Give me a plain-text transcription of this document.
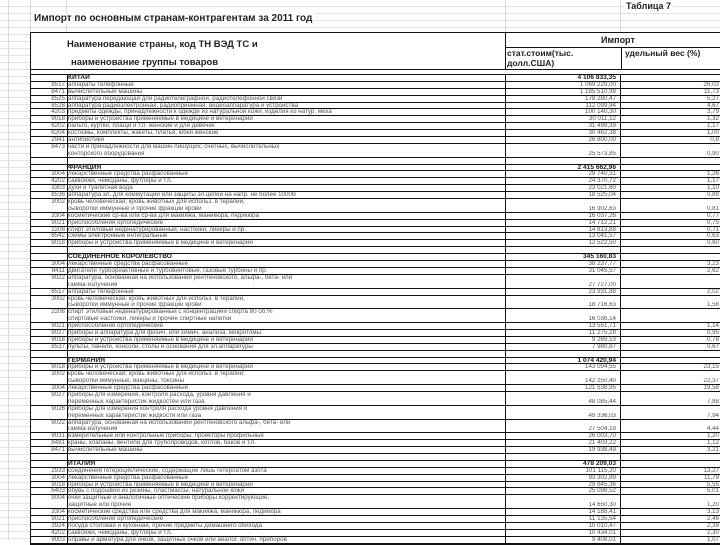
Таблица 7
Импорт по основным странам-контрагентам за 2011 год
Наименование страны, код ТН ВЭД ТС и
наименование группы товаров
Импорт
стат.стоим(тыс. долл.США)
удельный вес (%)
КИТАЙ	4 106 833,35
8517 аппараты телефонные	1 069 229,00	26,03
8471 вычислительные машины	1 185 510,98	11,73
8525 аппаратура передающая для радиотелеграфной, радиотелефонной связи	178 280,47	5,27
8528 аппаратура радиоэлектронная, радиоприемная, видеоаппаратура и устройства	112 099,94	4,67
4203 предметы одежды, принадлежности к одежде из натуральной кожи, изделия из натур. меха	100 140,30	3,79
9018 приборы и устройства применяемые в медицине и ветеринарии	30 011,12	1,32
6202 пальто, куртки, плащи и т.п. женские и для девочек	31 499,39	1,17
6204 костюмы, комплекты, жакеты, платья, юбки женские	30 462,38	1,00
2941 антибиотики	26 800,00	0,8
8473 части и принадлежности для машин пишущих, счетных, вычислительных
конторского оборудования	25 573,85	0,90
ФРАНЦИЯ	2 415 662,96
3004 лекарственные средства расфасованные	29 740,31	1,26
4202 саквояжи, чемоданы, футляры и т.п.	24 370,72	1,17
3303 духи и туалетная вода	23 021,60	1,10
8536 аппаратура эл. для коммутации или защиты эл.цепей на напр. не более 1000В	18 525,04	0,89
3002 кровь человеческая; кровь животных для использ. в терапии,
сыворотки иммунные и прочие фракции крови	16 902,63	0,81
3304 косметические ср-ва или ср-ва для макияжа, маникюра, педикюра	16 037,26	0,77
9021 приспособления ортопедические	14 712,21	0,75
2208 спирт этиловый неденатурированный, настойки, ликеры и пр.	14 813,88	0,71
8542 схемы электронные интегральные	13 041,57	0,63
9018 приборы и устройства применяемые в медицине и ветеринарии	12 522,50	0,60
СОЕДИНЕННОЕ КОРОЛЕВСТВО	345 160,83
3004 лекарственные средства расфасованные	38 237,77	3,23
8411 двигатели турбореактивные и турбовинтовые, газовые турбины и пр.	31 045,57	2,62
9022 аппаратура, основанная на использовании рентгеновского, альфа-, бета- или
гамма-излучения	27 727,00
8517 аппараты телефонные	23 931,88	2,02
3002 кровь человеческая; кровь животных для использ. в терапии,
сыворотки иммунные и прочие фракции крови	18 716,63	1,58
2208 спирт этиловый неденатурированный с концентрацией спирта 80 об.%
спиртовые настойки, ликеры и прочие спиртные напитки	16 036,14
9021 приспособления ортопедические	13 551,71	1,14
9027 приборы и аппаратура для физич. или химич. анализа, микротомы	11 275,28	0,95
9018 приборы и устройства применяемые в медицине и ветеринарии	9 269,53	0,78
8537 пульты, панели, консоли, столы и основания для эл.аппаратуры	7 980,87	0,67
ГЕРМАНИЯ	1 074 420,94
9018 приборы и устройства применяемые в медицине и ветеринарии	143 094,55	23,15
3002 кровь человеческая; кровь животных для использ. в терапии;
сыворотки иммунные, вакцины, токсины	142 250,40	22,37
3004 лекарственные средства расфасованные	121 538,95	19,58
9027 приборы для измерения, контроля расхода, уровня давления и
переменных характеристик жидкостей или газа	48 085,44	7,88
9026 приборы для измерения контроля расхода уровня давления и
переменных характеристик жидкости или газа	49 336,03	7,94
9022 аппаратура, основанная на использовании рентгеновского альфа-, бета- или
гамма-излучения	27 504,19	4,44
9031 измерительные или контрольные приборы; проекторы профильные	26 003,70	1,20
8481 краны, клапаны, вентили для трубопроводов, котлов, баков и т.п.	21 403,22	1,12
8471 вычислительные машины	19 938,49	3,21
ИТАЛИЯ	478 209,03
2933 соединения гетероциклические, содержащие лишь гетероатом азота	101 115,20	13,27
3004 лекарственные средства расфасованные	93 302,89	11,79
9018 приборы и устройства применяемые в медицине и ветеринарии	29 645,36	5,55
6403 обувь с подошвой из резины, пластмассы, натуральной кожи	25 098,52	5,01
9004 очки защитные и аналогичные оптические приборы корректирующие,
защитные или прочие	14 650,30	1,20
3304 косметические средства или средства для макияжа, маникюра, педикюра	14 188,41	3,13
9021 приспособления ортопедические	11 135,54	2,46
3924 посуда столовая и кухонная, прочие предметы домашнего обихода	10 010,47	2,39
4202 саквояжи, чемоданы, футляры и т.п.	10 434,01	2,30
9003 оправы и арматура для очков, защитных очков или аналог. оптич. приборов	9 408,01	1,07
